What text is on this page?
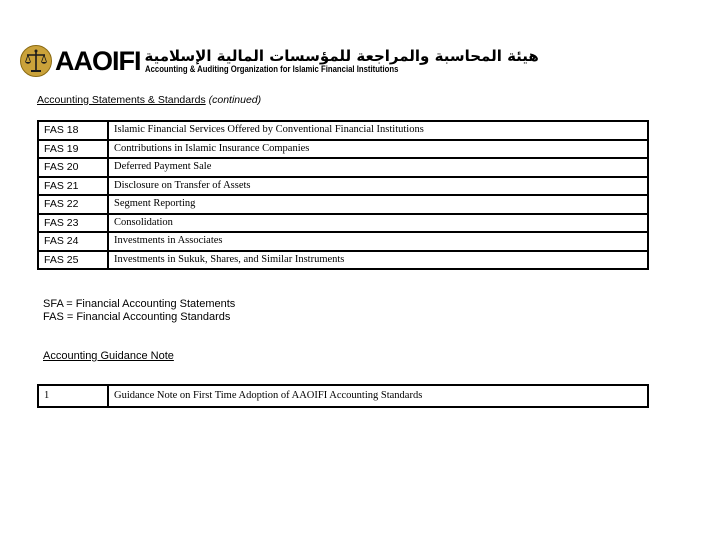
AAOIFI هيئة المحاسبة والمراجعة للمؤسسات المالية الإسلامية
Accounting & Auditing Organization for Islamic Financial Institutions
Accounting Statements & Standards (continued)
FAS 18	Islamic Financial Services Offered by Conventional Financial Institutions
FAS 19	Contributions in Islamic Insurance Companies
FAS 20	Deferred Payment Sale
FAS 21	Disclosure on Transfer of Assets
FAS 22	Segment Reporting
FAS 23	Consolidation
FAS 24	Investments in Associates
FAS 25	Investments in Sukuk, Shares, and Similar Instruments
SFA = Financial Accounting Statements
FAS = Financial Accounting Standards
Accounting Guidance Note
1	Guidance Note on First Time Adoption of AAOIFI Accounting Standards
